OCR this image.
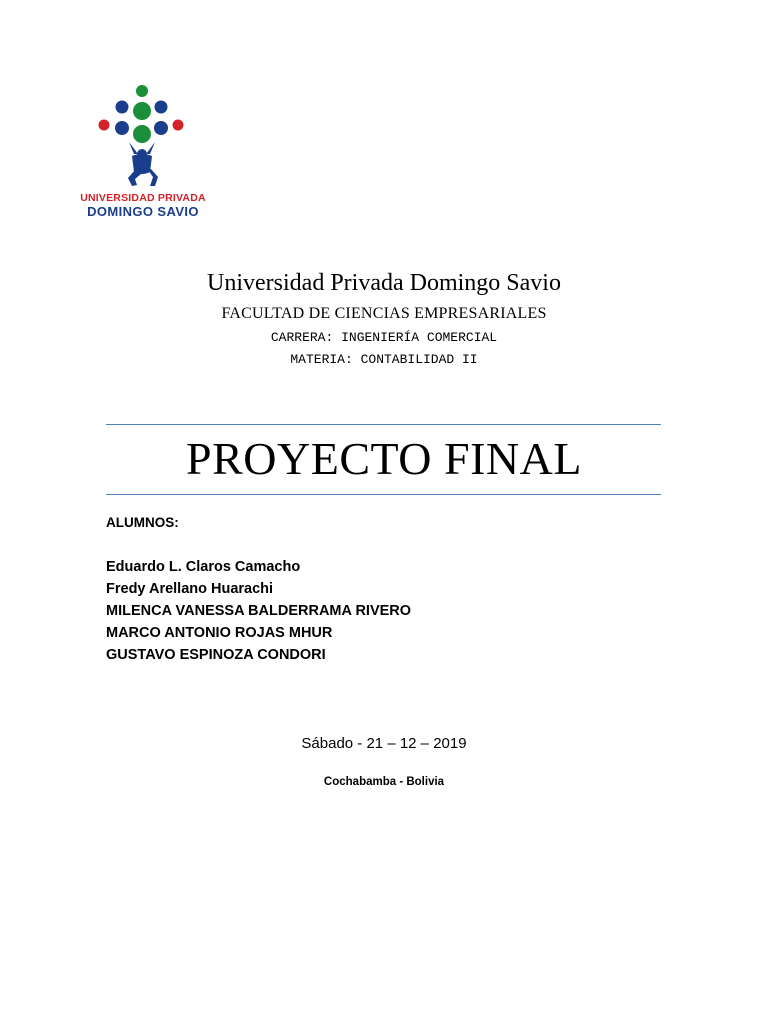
UNIVERSIDAD PRIVADA
DOMINGO SAVIO
Universidad Privada Domingo Savio
FACULTAD DE CIENCIAS EMPRESARIALES
CARRERA: INGENIERÍA COMERCIAL
MATERIA: CONTABILIDAD II
PROYECTO FINAL
ALUMNOS:
Eduardo L. Claros Camacho
Fredy Arellano Huarachi
MILENCA VANESSA BALDERRAMA RIVERO
MARCO ANTONIO ROJAS MHUR
GUSTAVO ESPINOZA CONDORI
Sábado - 21 – 12 – 2019
Cochabamba - Bolivia
